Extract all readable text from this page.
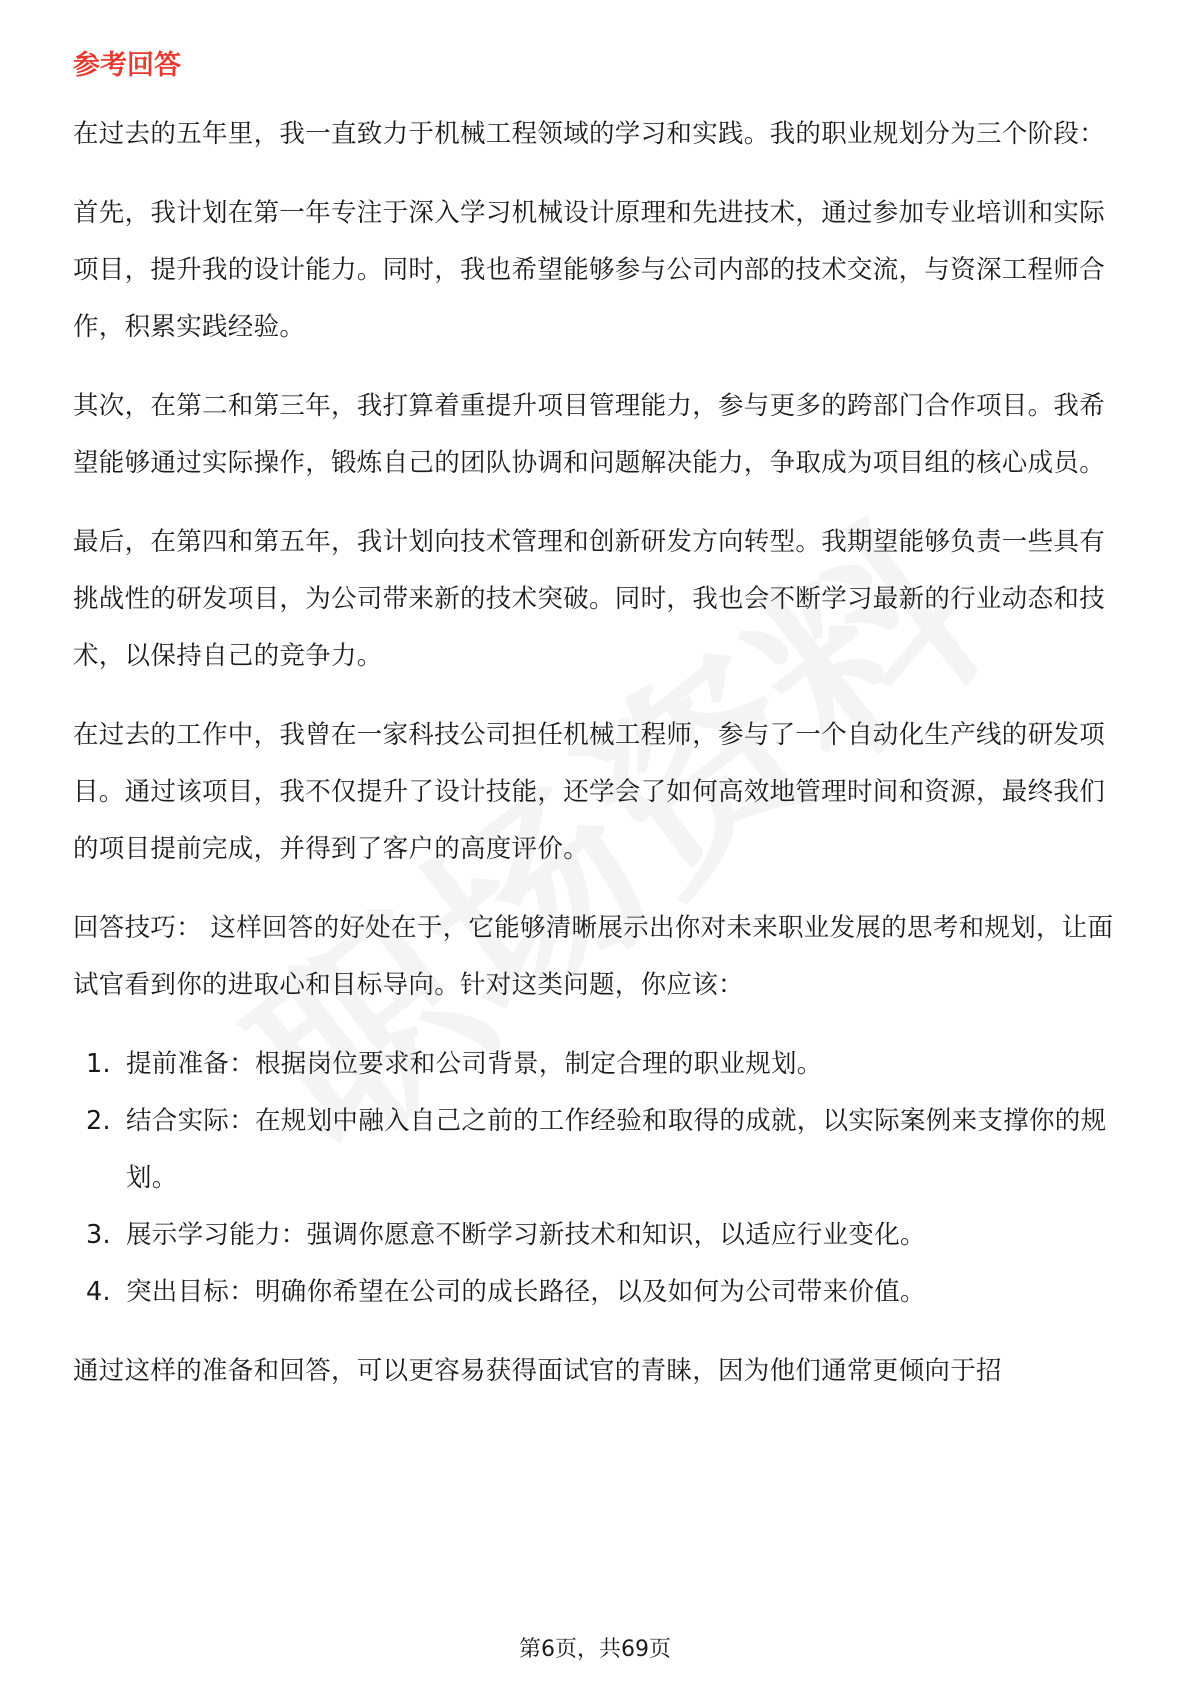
参考回答

在过去的五年里，我一直致力于机械工程领域的学习和实践。我的职业规划分为三个阶段：

首先，我计划在第一年专注于深入学习机械设计原理和先进技术，通过参加专业培训和实际项目，提升我的设计能力。同时，我也希望能够参与公司内部的技术交流，与资深工程师合作，积累实践经验。

其次，在第二和第三年，我打算着重提升项目管理能力，参与更多的跨部门合作项目。我希望能够通过实际操作，锻炼自己的团队协调和问题解决能力，争取成为项目组的核心成员。

最后，在第四和第五年，我计划向技术管理和创新研发方向转型。我期望能够负责一些具有挑战性的研发项目，为公司带来新的技术突破。同时，我也会不断学习最新的行业动态和技术，以保持自己的竞争力。

在过去的工作中，我曾在一家科技公司担任机械工程师，参与了一个自动化生产线的研发项目。通过该项目，我不仅提升了设计技能，还学会了如何高效地管理时间和资源，最终我们的项目提前完成，并得到了客户的高度评价。

回答技巧： 这样回答的好处在于，它能够清晰展示出你对未来职业发展的思考和规划，让面试官看到你的进取心和目标导向。针对这类问题，你应该：

1. 提前准备：根据岗位要求和公司背景，制定合理的职业规划。
2. 结合实际：在规划中融入自己之前的工作经验和取得的成就，以实际案例来支撑你的规划。
3. 展示学习能力：强调你愿意不断学习新技术和知识，以适应行业变化。
4. 突出目标：明确你希望在公司的成长路径，以及如何为公司带来价值。

通过这样的准备和回答，可以更容易获得面试官的青睐，因为他们通常更倾向于招

第6页，共69页
